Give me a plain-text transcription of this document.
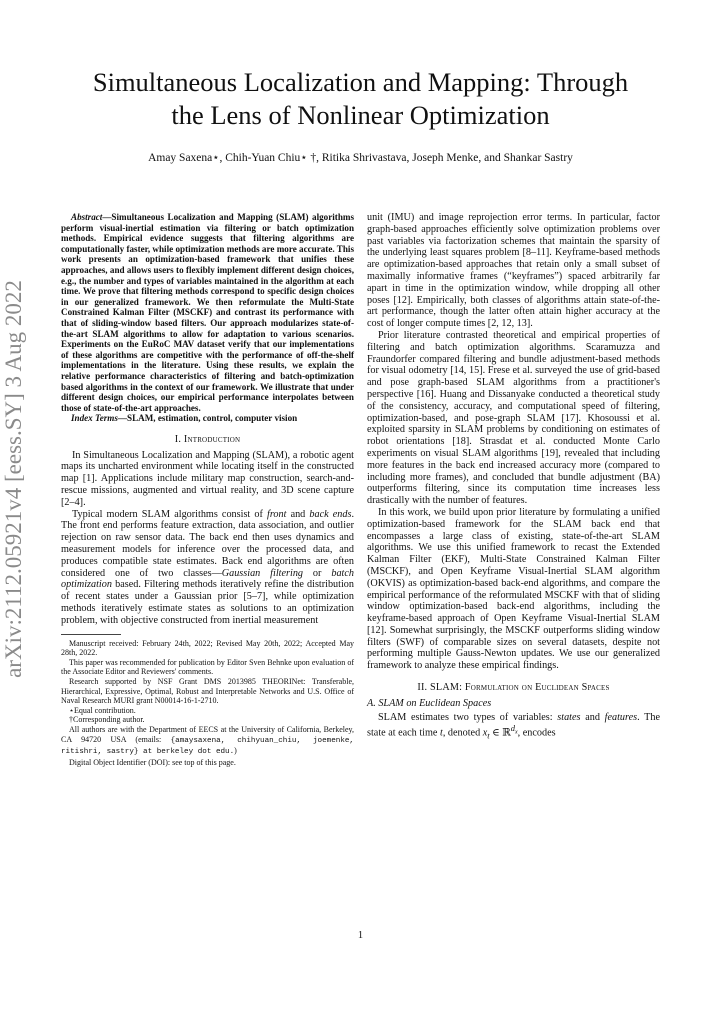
arXiv:2112.05921v4 [eess.SY] 3 Aug 2022
Simultaneous Localization and Mapping: Through
the Lens of Nonlinear Optimization
Amay Saxena⋆, Chih-Yuan Chiu⋆ †, Ritika Shrivastava, Joseph Menke, and Shankar Sastry

Abstract—Simultaneous Localization and Mapping (SLAM) algorithms perform visual-inertial estimation via filtering or batch optimization methods. Empirical evidence suggests that filtering algorithms are computationally faster, while optimization methods are more accurate. This work presents an optimization-based framework that unifies these approaches, and allows users to flexibly implement different design choices, e.g., the number and types of variables maintained in the algorithm at each time. We prove that filtering methods correspond to specific design choices in our generalized framework. We then reformulate the Multi-State Constrained Kalman Filter (MSCKF) and contrast its performance with that of sliding-window based filters. Our approach modularizes state-of-the-art SLAM algorithms to allow for adaptation to various scenarios. Experiments on the EuRoC MAV dataset verify that our implementations of these algorithms are competitive with the performance of off-the-shelf implementations in the literature. Using these results, we explain the relative performance characteristics of filtering and batch-optimization based algorithms in the context of our framework. We illustrate that under different design choices, our empirical performance interpolates between those of state-of-the-art approaches.

Index Terms—SLAM, estimation, control, computer vision

I. Introduction

In Simultaneous Localization and Mapping (SLAM), a robotic agent maps its uncharted environment while locating itself in the constructed map [1]. Applications include military map construction, search-and-rescue missions, augmented and virtual reality, and 3D scene capture [2–4].

Typical modern SLAM algorithms consist of front and back ends. The front end performs feature extraction, data association, and outlier rejection on raw sensor data. The back end then uses dynamics and measurement models for inference over the processed data, and produces compatible state estimates. Back end algorithms are often considered one of two classes—Gaussian filtering or batch optimization based. Filtering methods iteratively refine the distribution of recent states under a Gaussian prior [5–7], while optimization methods iteratively estimate states as solutions to an optimization problem, with objective constructed from inertial measurement

Manuscript received: February 24th, 2022; Revised May 20th, 2022; Accepted May 28th, 2022.

This paper was recommended for publication by Editor Sven Behnke upon evaluation of the Associate Editor and Reviewers' comments.

Research supported by NSF Grant DMS 2013985 THEORINet: Transferable, Hierarchical, Expressive, Optimal, Robust and Interpretable Networks and U.S. Office of Naval Research MURI grant N00014-16-1-2710.

⋆Equal contribution.

†Corresponding author.

All authors are with the Department of EECS at the University of California, Berkeley, CA 94720 USA (emails: {amaysaxena, chihyuan_chiu, joemenke, ritishri, sastry} at berkeley dot edu.)

Digital Object Identifier (DOI): see top of this page.

unit (IMU) and image reprojection error terms. In particular, factor graph-based approaches efficiently solve optimization problems over past variables via factorization schemes that maintain the sparsity of the underlying least squares problem [8–11]. Keyframe-based methods are optimization-based approaches that retain only a small subset of maximally informative frames (“keyframes”) spaced arbitrarily far apart in time in the optimization window, while dropping all other poses [12]. Empirically, both classes of algorithms attain state-of-the-art performance, though the latter often attain higher accuracy at the cost of longer compute times [2, 12, 13].

Prior literature contrasted theoretical and empirical properties of filtering and batch optimization algorithms. Scaramuzza and Fraundorfer compared filtering and bundle adjustment-based methods for visual odometry [14, 15]. Frese et al. surveyed the use of grid-based and pose graph-based SLAM algorithms from a practitioner's perspective [16]. Huang and Dissanyake conducted a theoretical study of the consistency, accuracy, and computational speed of filtering, optimization-based, and pose-graph SLAM [17]. Khosoussi et al. exploited sparsity in SLAM problems by conditioning on estimates of robot orientations [18]. Strasdat et al. conducted Monte Carlo experiments on visual SLAM algorithms [19], revealed that including more features in the back end increased accuracy more (compared to including more frames), and concluded that bundle adjustment (BA) outperforms filtering, since its computation time increases less drastically with the number of features.

In this work, we build upon prior literature by formulating a unified optimization-based framework for the SLAM back end that encompasses a large class of existing, state-of-the-art SLAM algorithms. We use this unified framework to recast the Extended Kalman Filter (EKF), Multi-State Constrained Kalman Filter (MSCKF), and Open Keyframe Visual-Inertial SLAM algorithm (OKVIS) as optimization-based back-end algorithms, and compare the empirical performance of the reformulated MSCKF with that of sliding window optimization-based back-end algorithms, including the keyframe-based approach of Open Keyframe Visual-Inertial SLAM [12]. Somewhat surprisingly, the MSCKF outperforms sliding window filters (SWF) of comparable sizes on several datasets, despite not performing multiple Gauss-Newton updates. We use our generalized framework to analyze these empirical findings.

II. SLAM: Formulation on Euclidean Spaces
A. SLAM on Euclidean Spaces

SLAM estimates two types of variables: states and features. The state at each time t, denoted $x_t$ ∈ ℝ$^{d_x}$, encodes

1
